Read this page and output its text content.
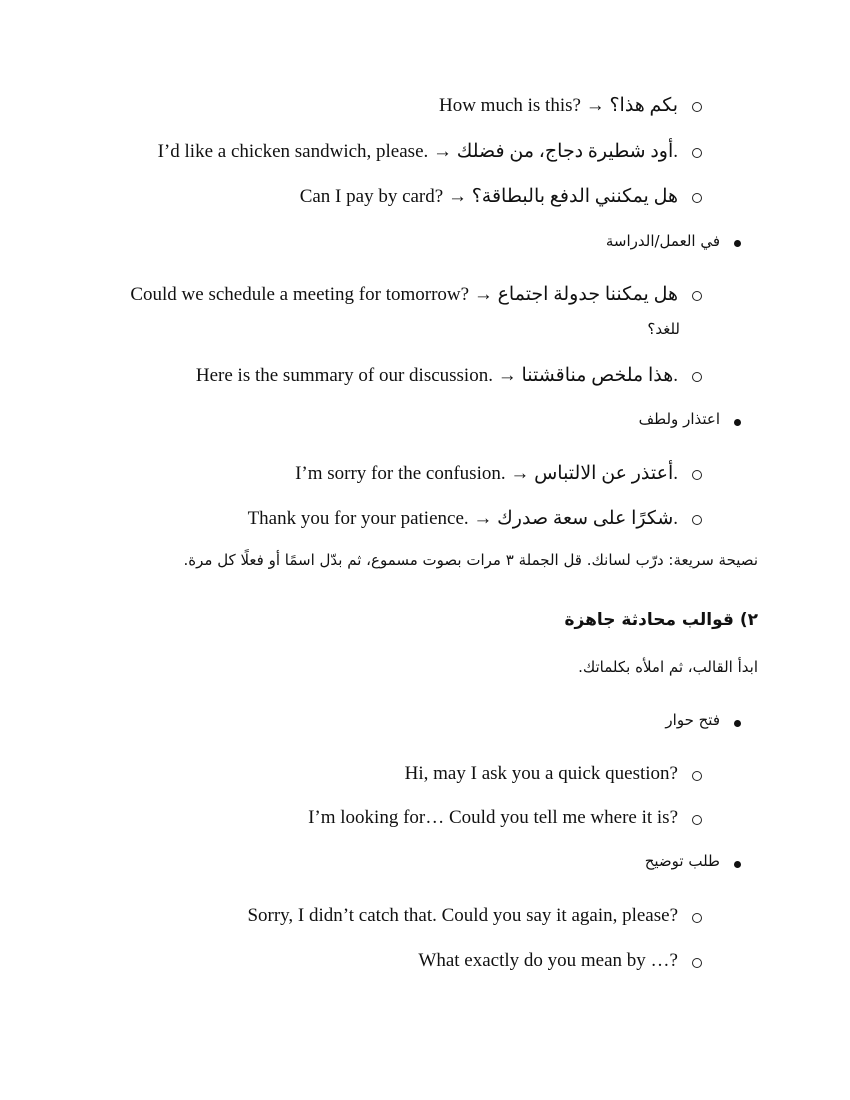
How much is this? → بكم هذا؟
I’d like a chicken sandwich, please. → أود شطيرة دجاج، من فضلك.
Can I pay by card? → هل يمكنني الدفع بالبطاقة؟
في العمل/الدراسة
Could we schedule a meeting for tomorrow? → هل يمكننا جدولة اجتماع
للغد؟
Here is the summary of our discussion. → هذا ملخص مناقشتنا.
اعتذار ولطف
I’m sorry for the confusion. → أعتذر عن الالتباس.
Thank you for your patience. → شكرًا على سعة صدرك.
نصيحة سريعة: درّب لسانك. قل الجملة ٣ مرات بصوت مسموع، ثم بدّل اسمًا أو فعلًا كل مرة.
٢) قوالب محادثة جاهزة
ابدأ القالب، ثم املأه بكلماتك.
فتح حوار
Hi, may I ask you a quick question?
I’m looking for… Could you tell me where it is?
طلب توضيح
Sorry, I didn’t catch that. Could you say it again, please?
What exactly do you mean by …?
